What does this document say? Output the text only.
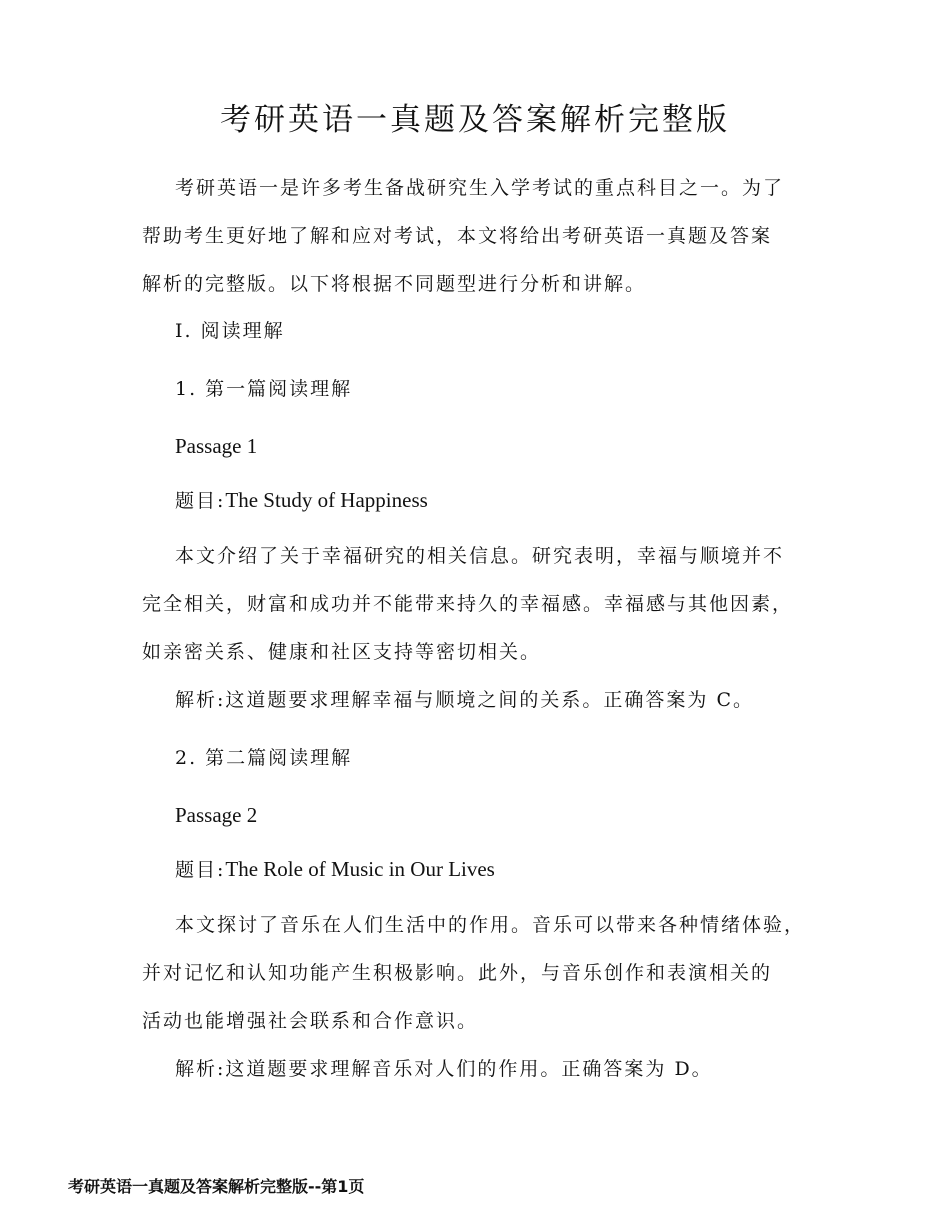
考研英语一真题及答案解析完整版
考研英语一是许多考生备战研究生入学考试的重点科目之一。为了
帮助考生更好地了解和应对考试，本文将给出考研英语一真题及答案
解析的完整版。以下将根据不同题型进行分析和讲解。
I. 阅读理解
1. 第一篇阅读理解
Passage 1
题目:The Study of Happiness
本文介绍了关于幸福研究的相关信息。研究表明，幸福与顺境并不
完全相关，财富和成功并不能带来持久的幸福感。幸福感与其他因素，
如亲密关系、健康和社区支持等密切相关。
解析:这道题要求理解幸福与顺境之间的关系。正确答案为 C。
2. 第二篇阅读理解
Passage 2
题目:The Role of Music in Our Lives
本文探讨了音乐在人们生活中的作用。音乐可以带来各种情绪体验，
并对记忆和认知功能产生积极影响。此外，与音乐创作和表演相关的
活动也能增强社会联系和合作意识。
解析:这道题要求理解音乐对人们的作用。正确答案为 D。
考研英语一真题及答案解析完整版--第1页
